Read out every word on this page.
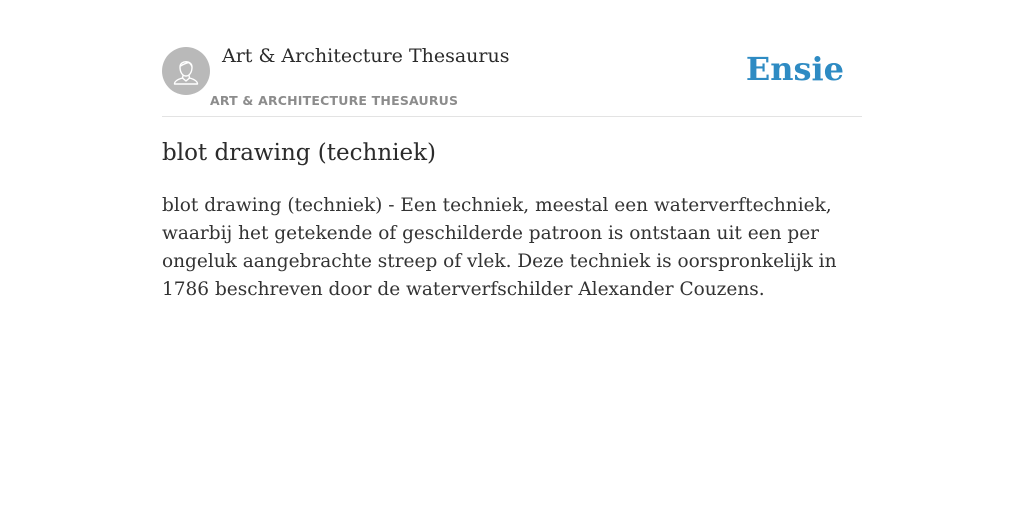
Art & Architecture Thesaurus
ART & ARCHITECTURE THESAURUS
Ensie
blot drawing (techniek)

blot drawing (techniek) - Een techniek, meestal een waterverftechniek, waarbij het getekende of geschilderde patroon is ontstaan uit een per ongeluk aangebrachte streep of vlek. Deze techniek is oorspronkelijk in 1786 beschreven door de waterverfschilder Alexander Couzens.
